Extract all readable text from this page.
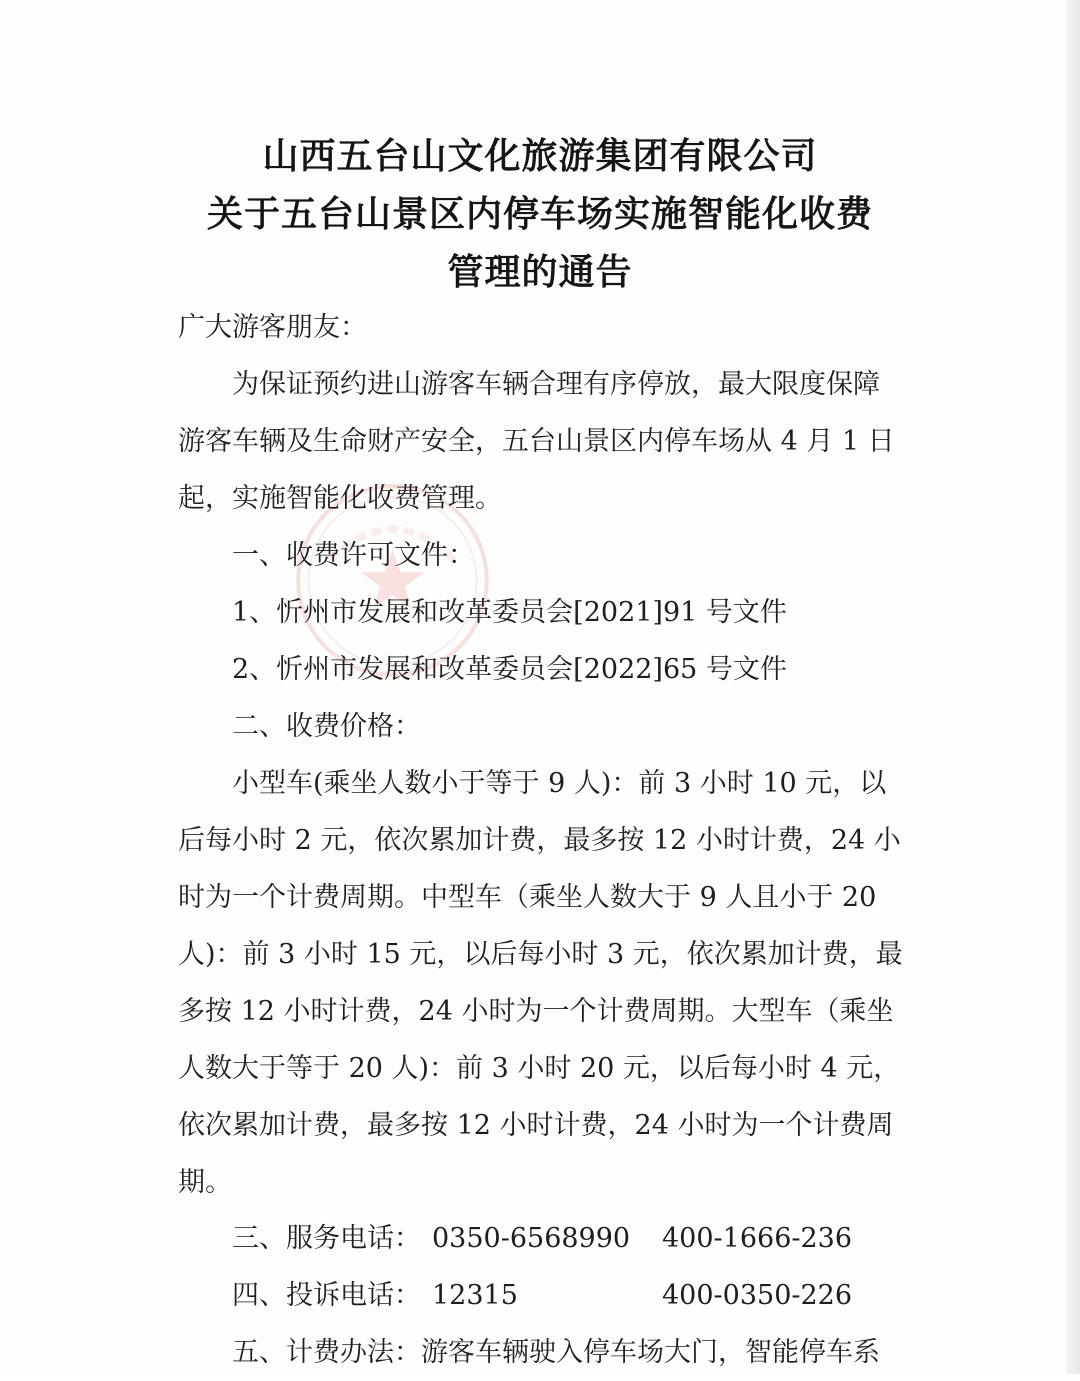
山西五台山文化旅游集团有限公司
关于五台山景区内停车场实施智能化收费
管理的通告
广大游客朋友：
为保证预约进山游客车辆合理有序停放，最大限度保障
游客车辆及生命财产安全，五台山景区内停车场从 4 月 1 日
起，实施智能化收费管理。
一、收费许可文件：
1、忻州市发展和改革委员会[2021]91 号文件
2、忻州市发展和改革委员会[2022]65 号文件
二、收费价格：
小型车(乘坐人数小于等于 9 人)：前 3 小时 10 元，以
后每小时 2 元，依次累加计费，最多按 12 小时计费，24 小
时为一个计费周期。中型车（乘坐人数大于 9 人且小于 20
人)：前 3 小时 15 元，以后每小时 3 元，依次累加计费，最
多按 12 小时计费，24 小时为一个计费周期。大型车（乘坐
人数大于等于 20 人)：前 3 小时 20 元，以后每小时 4 元，
依次累加计费，最多按 12 小时计费，24 小时为一个计费周
期。
三、服务电话： 0350-6568990 400-1666-236
四、投诉电话： 12315	400-0350-226
五、计费办法：游客车辆驶入停车场大门，智能停车系
